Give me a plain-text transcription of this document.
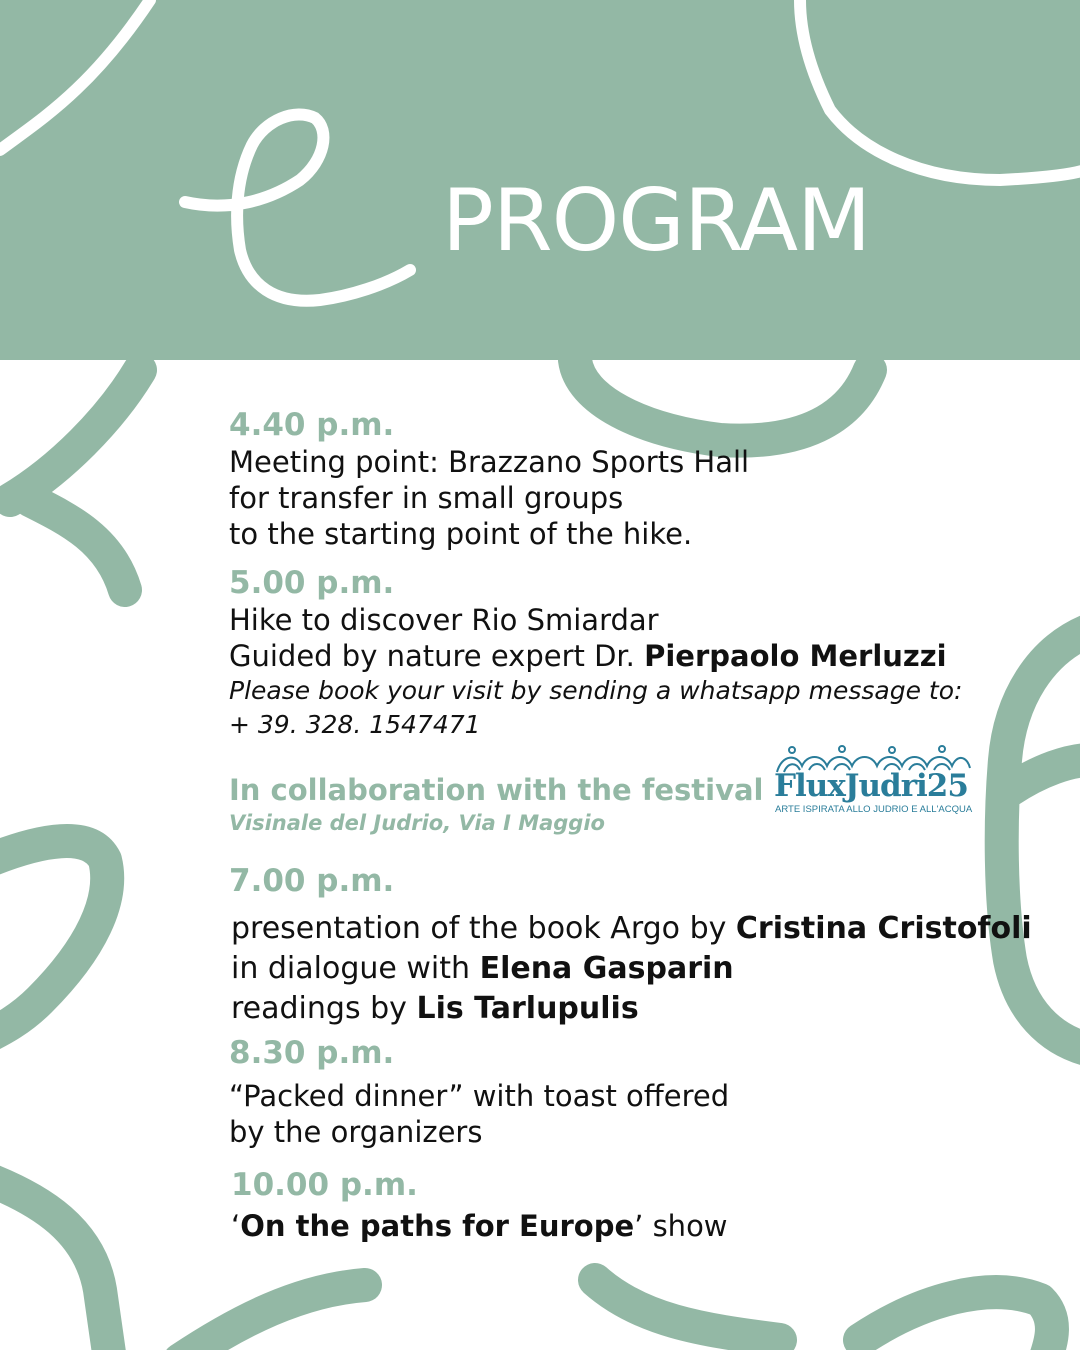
PROGRAM
4.40 p.m.
Meeting point: Brazzano Sports Hall
for transfer in small groups
to the starting point of the hike.
5.00 p.m.
Hike to discover Rio Smiardar
Guided by nature expert Dr. Pierpaolo Merluzzi
Please book your visit by sending a whatsapp message to:
+ 39. 328. 1547471
In collaboration with the festival
Visinale del Judrio, Via I Maggio
FluxJudri25
ARTE ISPIRATA ALLO JUDRIO E ALL'ACQUA
7.00 p.m.
presentation of the book Argo by Cristina Cristofoli
in dialogue with Elena Gasparin
readings by Lis Tarlupulis
8.30 p.m.
“Packed dinner” with toast offered
by the organizers
10.00 p.m.
‘On the paths for Europe’ show
